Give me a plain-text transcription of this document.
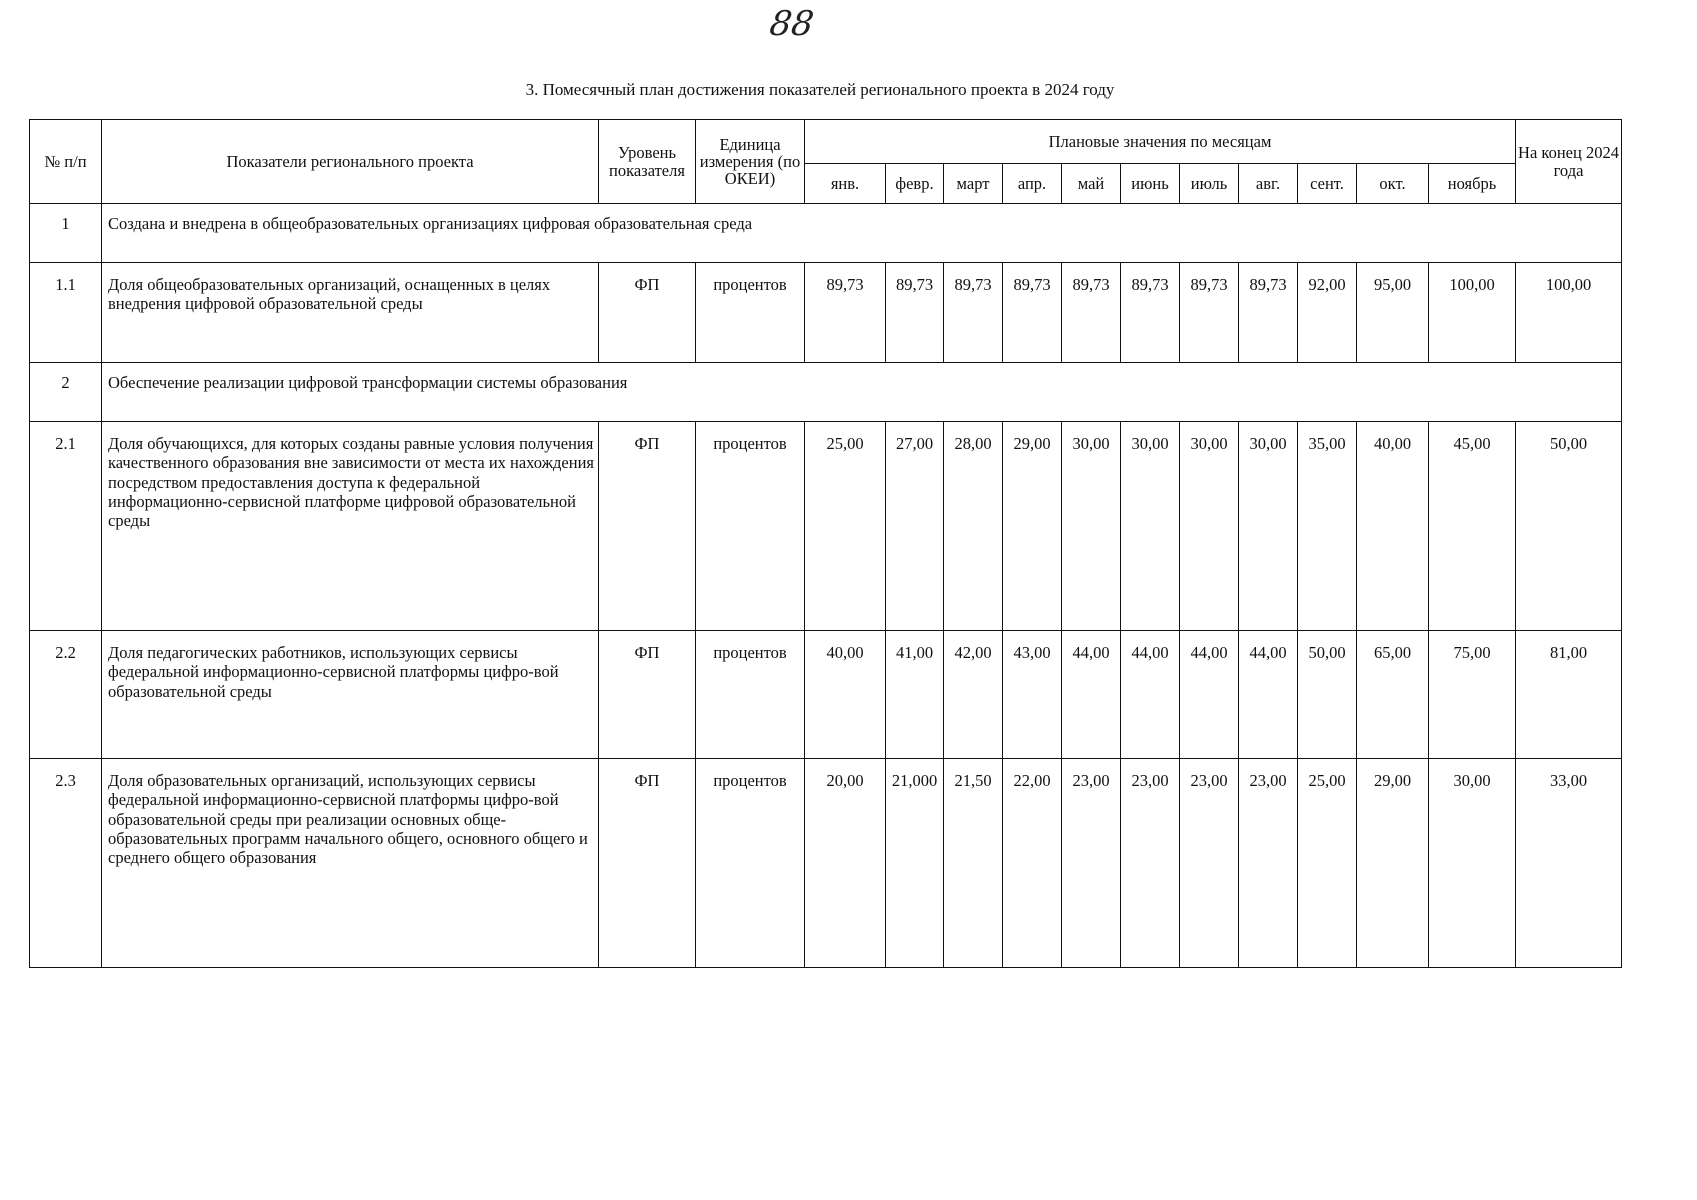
88
3. Помесячный план достижения показателей регионального проекта в 2024 году
№ п/п	Показатели регионального проекта	Уровень показателя	Единица измерения (по ОКЕИ)	Плановые значения по месяцам											На конец 2024 года
				янв.	февр.	март	апр.	май	июнь	июль	авг.	сент.	окт.	ноябрь	
1	Создана и внедрена в общеобразовательных организациях цифровая образовательная среда														
1.1	Доля общеобразовательных организаций, оснащенных в целях внедрения цифровой образовательной среды	ФП	процентов	89,73	89,73	89,73	89,73	89,73	89,73	89,73	89,73	92,00	95,00	100,00	100,00
2	Обеспечение реализации цифровой трансформации системы образования														
2.1	Доля обучающихся, для которых созданы равные условия получения качественного образования вне зависимости от места их нахождения посредством предоставления доступа к федеральной информационно-сервисной платформе цифровой образовательной среды	ФП	процентов	25,00	27,00	28,00	29,00	30,00	30,00	30,00	30,00	35,00	40,00	45,00	50,00
2.2	Доля педагогических работников, использующих сервисы федеральной информационно-сервисной платформы цифро-вой образовательной среды	ФП	процентов	40,00	41,00	42,00	43,00	44,00	44,00	44,00	44,00	50,00	65,00	75,00	81,00
2.3	Доля образовательных организаций, использующих сервисы федеральной информационно-сервисной платформы цифро-вой образовательной среды при реализации основных обще-образовательных программ начального общего, основного общего и среднего общего образования	ФП	процентов	20,00	21,000	21,50	22,00	23,00	23,00	23,00	23,00	25,00	29,00	30,00	33,00
